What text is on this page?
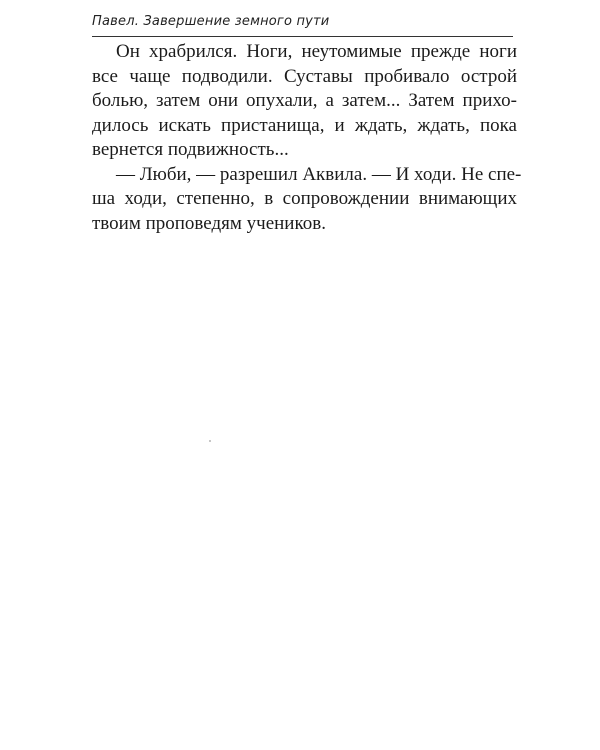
Павел. Завершение земного пути
Он храбрился. Ноги, неутомимые прежде ноги
все чаще подводили. Суставы пробивало острой
болью, затем они опухали, а затем... Затем прихо-
дилось искать пристанища, и ждать, ждать, пока
вернется подвижность...
— Люби, — разрешил Аквила. — И ходи. Не спе-
ша ходи, степенно, в сопровождении внимающих
твоим проповедям учеников.
